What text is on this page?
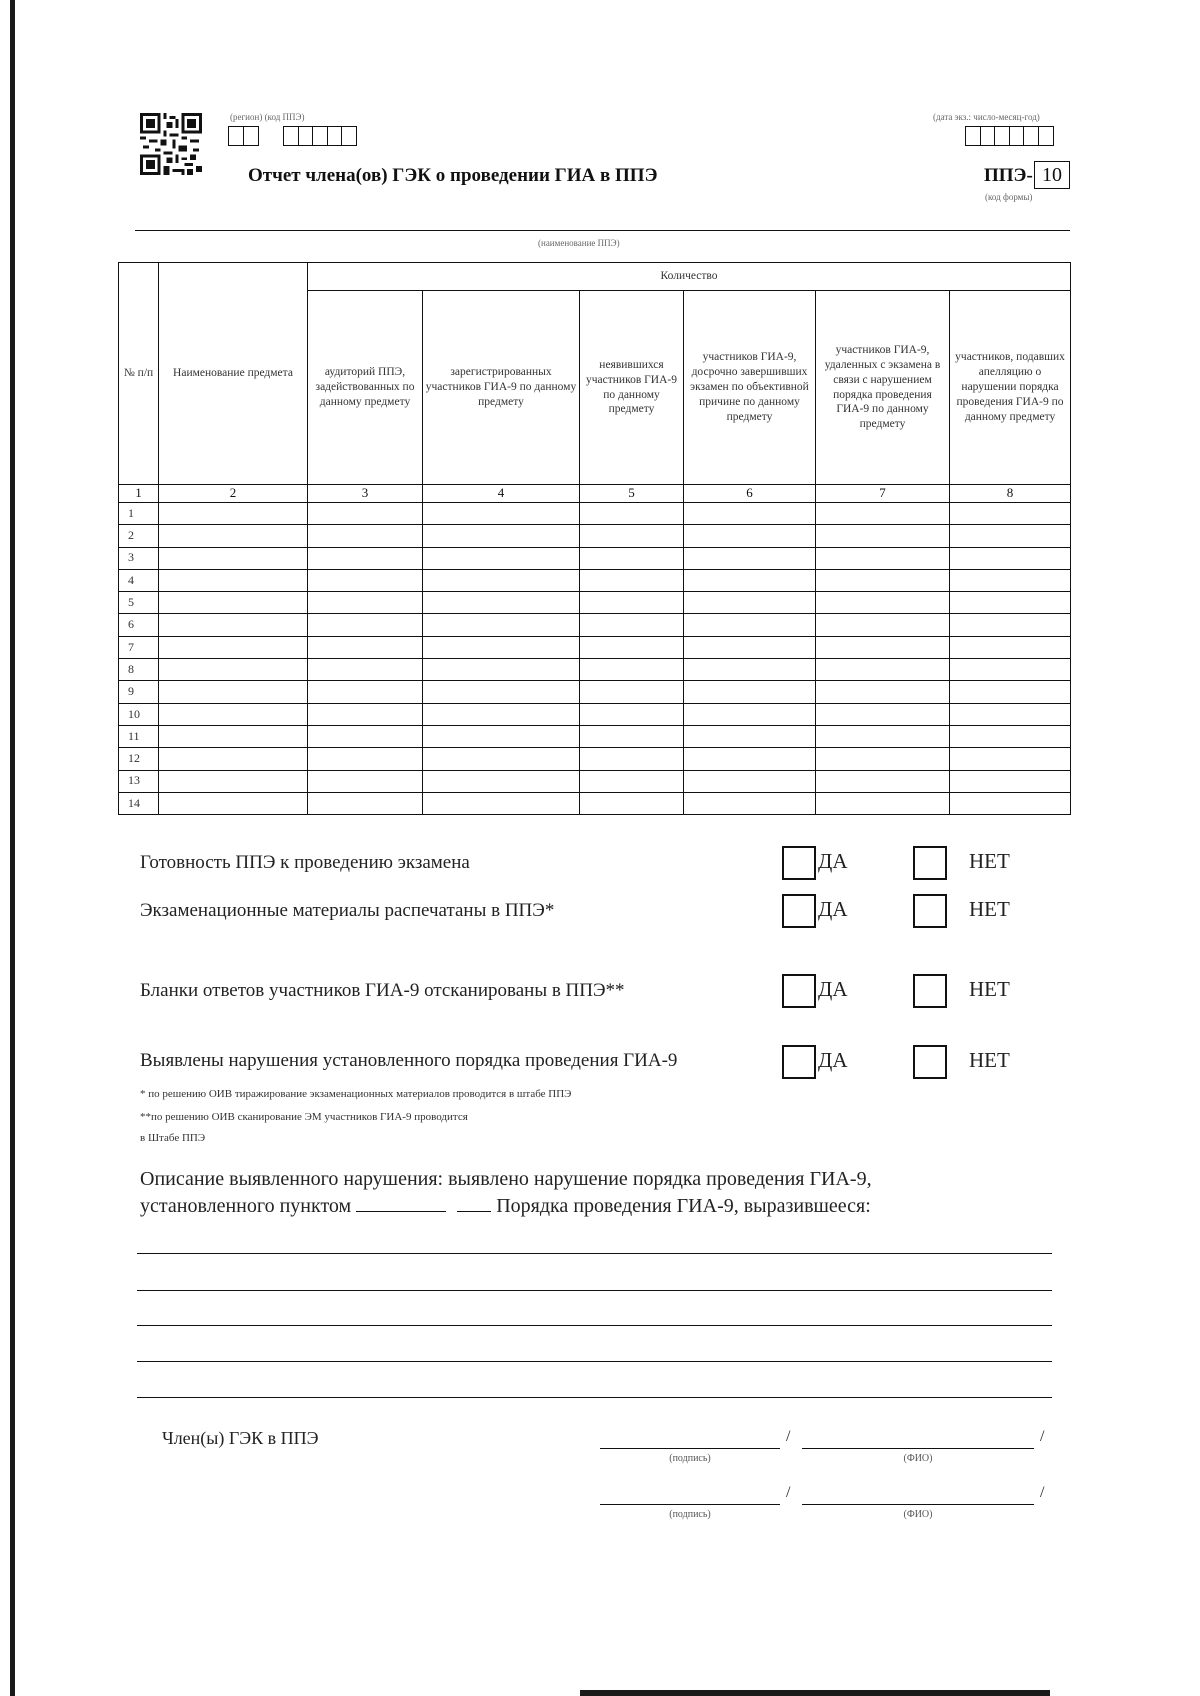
(регион) (код ППЭ)	(дата экз.: число-месяц-год)
Отчет члена(ов) ГЭК о проведении ГИА в ППЭ	ППЭ- 10
(код формы)
(наименование ППЭ)
№ п/п	Наименование предмета	Количество					
		аудиторий ППЭ, задействованных по данному предмету	зарегистрированных участников ГИА-9 по данному предмету	неявившихся участников ГИА-9 по данному предмету	участников ГИА-9, досрочно завершивших экзамен по объективной причине по данному предмету	участников ГИА-9, удаленных с экзамена в связи с нарушением порядка проведения ГИА-9 по данному предмету	участников, подавших апелляцию о нарушении порядка проведения ГИА-9 по данному предмету
1	2	3	4	5	6	7	8
1							
2							
3							
4							
5							
6							
7							
8							
9							
10							
11							
12							
13							
14							
Готовность ППЭ к проведению экзамена	ДА	НЕТ
Экзаменационные материалы распечатаны в ППЭ*	ДА	НЕТ
Бланки ответов участников ГИА-9 отсканированы в ППЭ**	ДА	НЕТ
Выявлены нарушения установленного порядка проведения ГИА-9	ДА	НЕТ
* по решению ОИВ тиражирование экзаменационных материалов проводится в штабе ППЭ
**по решению ОИВ сканирование ЭМ участников ГИА-9 проводится
в Штабе ППЭ
Описание выявленного нарушения: выявлено нарушение порядка проведения ГИА-9,
установленного пунктом	Порядка проведения ГИА-9, выразившееся:
Член(ы) ГЭК в ППЭ	/	/
(подпись)	(ФИО)
/	/
(подпись)	(ФИО)
